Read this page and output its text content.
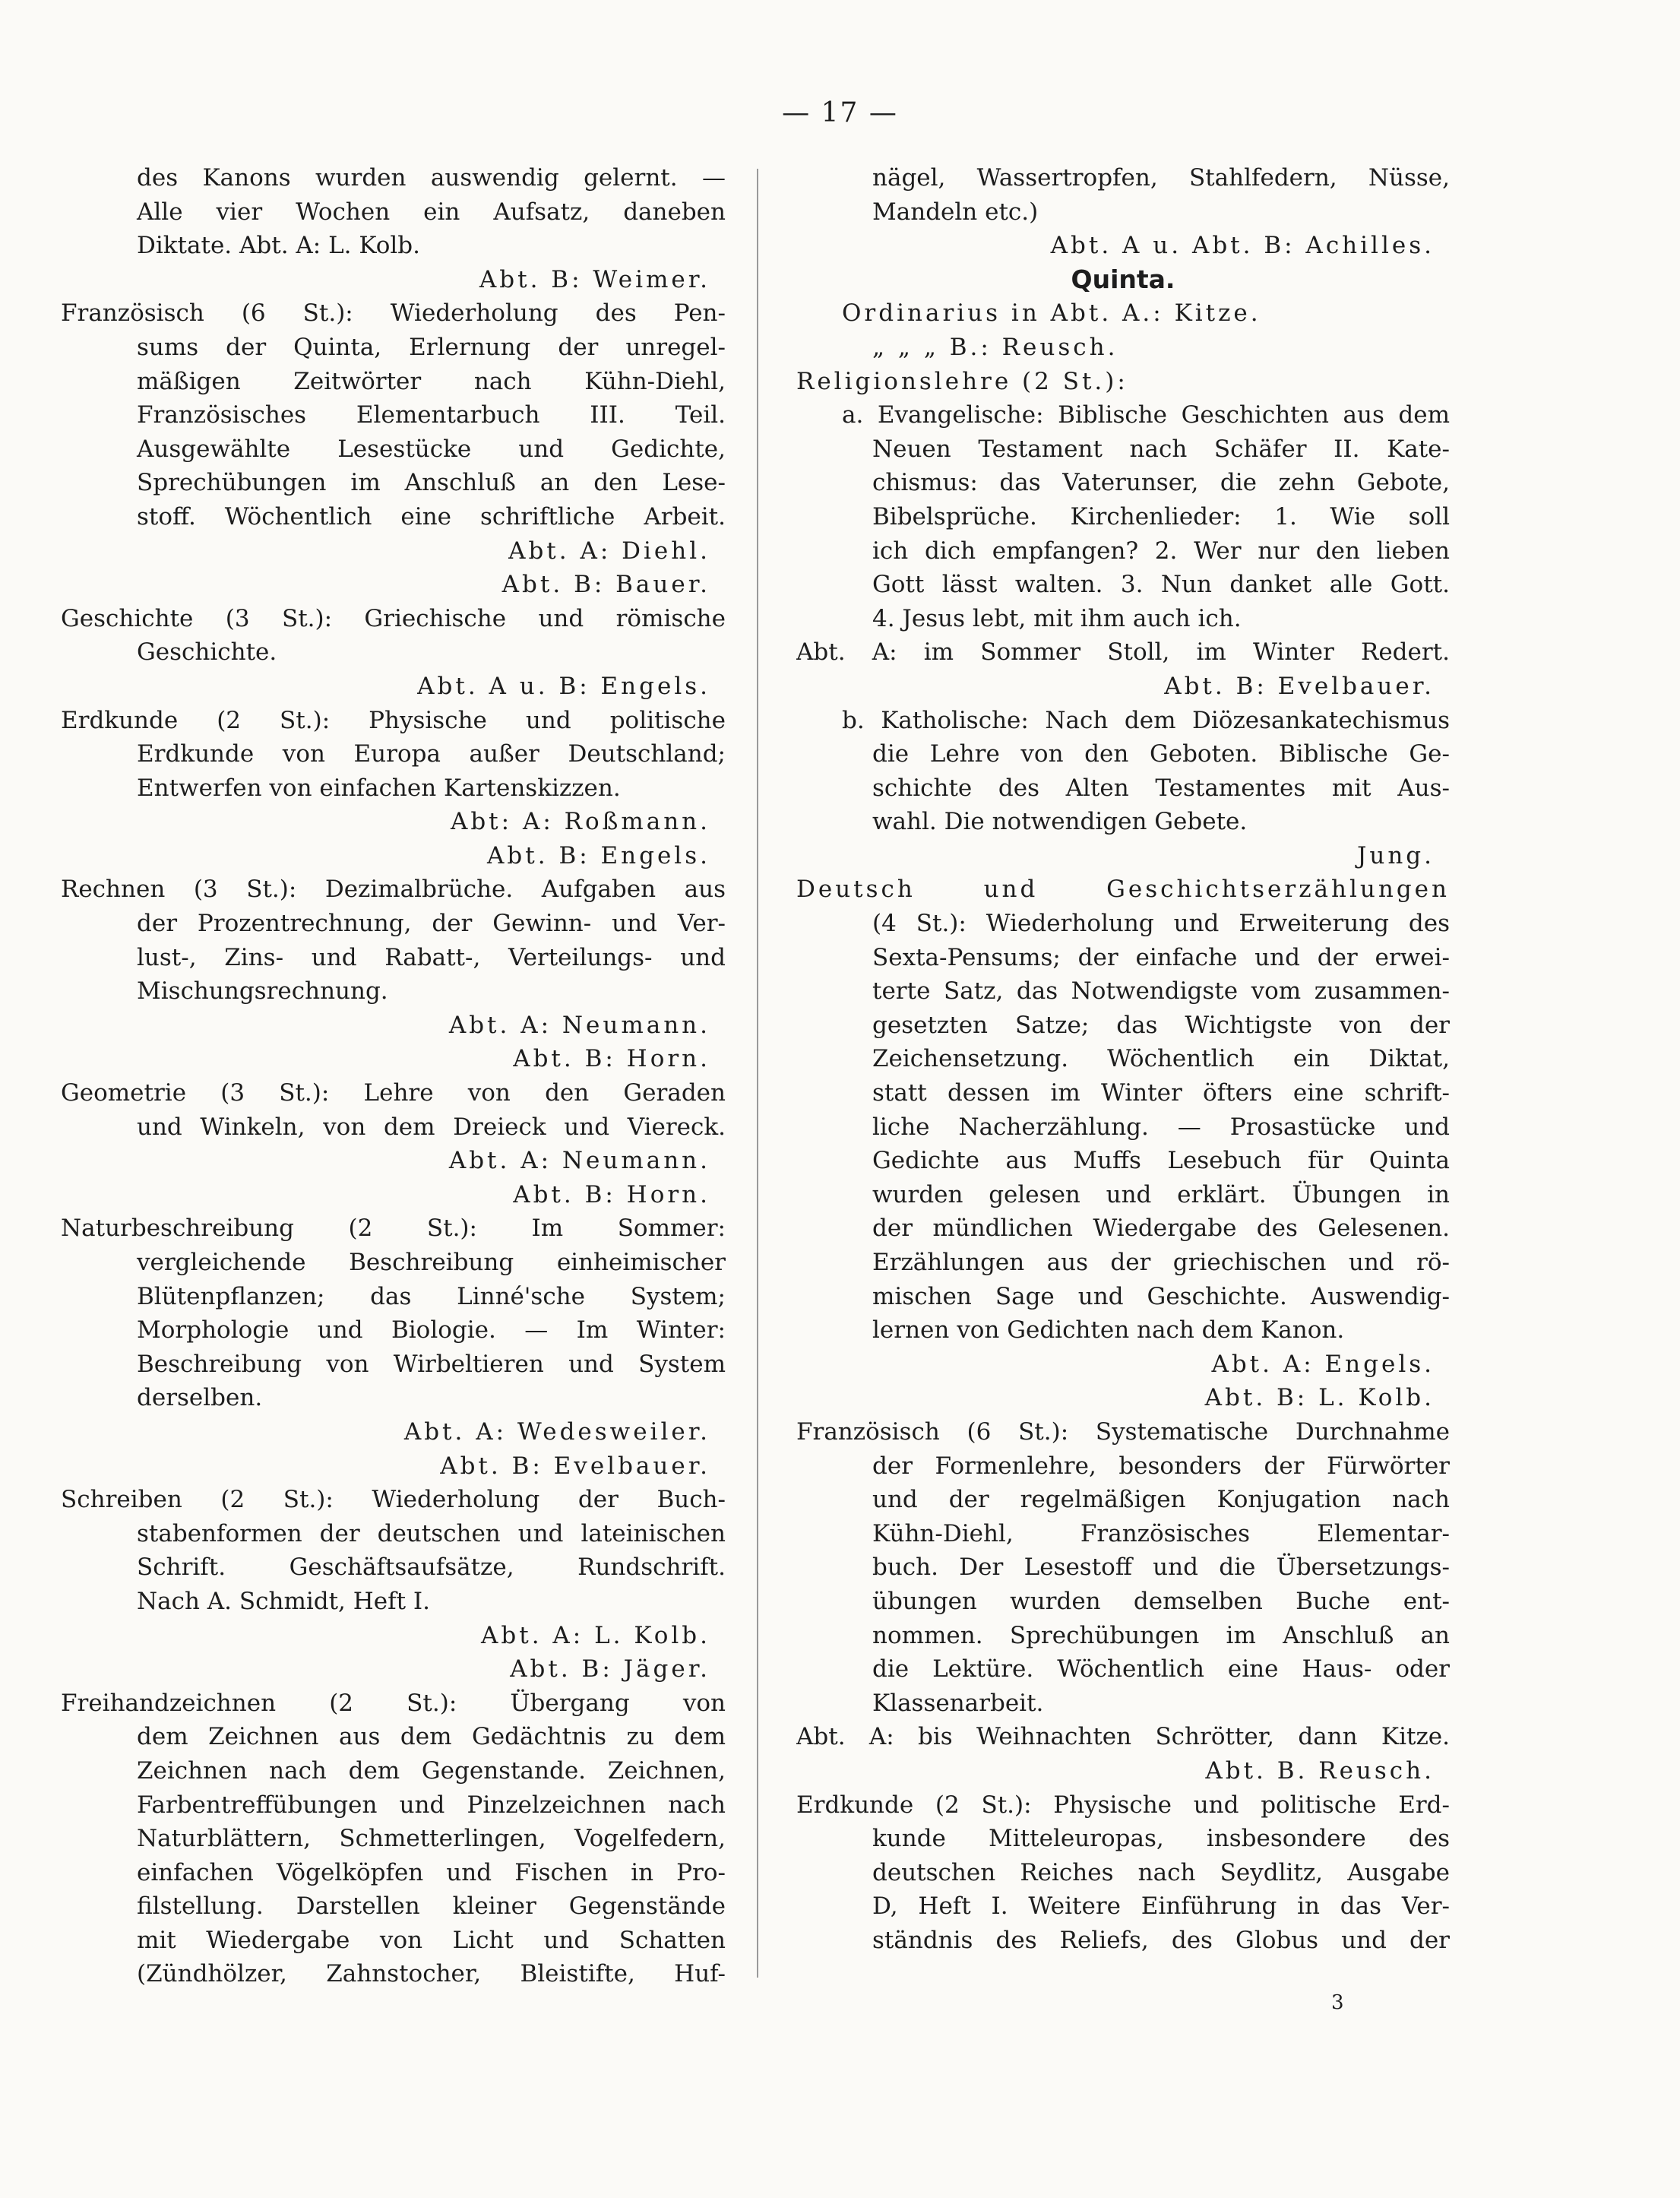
— 17 —
des Kanons wurden auswendig gelernt. —
Alle vier Wochen ein Aufsatz, daneben
Diktate. Abt. A: L. Kolb.
Abt. B: Weimer.
Französisch (6 St.): Wiederholung des Pen-
sums der Quinta, Erlernung der unregel-
mäßigen Zeitwörter nach Kühn-Diehl,
Französisches Elementarbuch III. Teil.
Ausgewählte Lesestücke und Gedichte,
Sprechübungen im Anschluß an den Lese-
stoff. Wöchentlich eine schriftliche Arbeit.
Abt. A: Diehl.
Abt. B: Bauer.
Geschichte (3 St.): Griechische und römische
Geschichte.
Abt. A u. B: Engels.
Erdkunde (2 St.): Physische und politische
Erdkunde von Europa außer Deutschland;
Entwerfen von einfachen Kartenskizzen.
Abt: A: Roßmann.
Abt. B: Engels.
Rechnen (3 St.): Dezimalbrüche. Aufgaben aus
der Prozentrechnung, der Gewinn- und Ver-
lust-, Zins- und Rabatt-, Verteilungs- und
Mischungsrechnung.
Abt. A: Neumann.
Abt. B: Horn.
Geometrie (3 St.): Lehre von den Geraden
und Winkeln, von dem Dreieck und Viereck.
Abt. A: Neumann.
Abt. B: Horn.
Naturbeschreibung (2 St.): Im Sommer:
vergleichende Beschreibung einheimischer
Blütenpflanzen; das Linné'sche System;
Morphologie und Biologie. — Im Winter:
Beschreibung von Wirbeltieren und System
derselben.
Abt. A: Wedesweiler.
Abt. B: Evelbauer.
Schreiben (2 St.): Wiederholung der Buch-
stabenformen der deutschen und lateinischen
Schrift. Geschäftsaufsätze, Rundschrift.
Nach A. Schmidt, Heft I.
Abt. A: L. Kolb.
Abt. B: Jäger.
Freihandzeichnen (2 St.): Übergang von
dem Zeichnen aus dem Gedächtnis zu dem
Zeichnen nach dem Gegenstande. Zeichnen,
Farbentreffübungen und Pinzelzeichnen nach
Naturblättern, Schmetterlingen, Vogelfedern,
einfachen Vögelköpfen und Fischen in Pro-
filstellung. Darstellen kleiner Gegenstände
mit Wiedergabe von Licht und Schatten
(Zündhölzer, Zahnstocher, Bleistifte, Huf-
nägel, Wassertropfen, Stahlfedern, Nüsse,
Mandeln etc.)
Abt. A u. Abt. B: Achilles.
Quinta.
Ordinarius in Abt. A.: Kitze.
„ „ „ B.: Reusch.
Religionslehre (2 St.):
a. Evangelische: Biblische Geschichten aus dem
Neuen Testament nach Schäfer II. Kate-
chismus: das Vaterunser, die zehn Gebote,
Bibelsprüche. Kirchenlieder: 1. Wie soll
ich dich empfangen? 2. Wer nur den lieben
Gott lässt walten. 3. Nun danket alle Gott.
4. Jesus lebt, mit ihm auch ich.
Abt. A: im Sommer Stoll, im Winter Redert.
Abt. B: Evelbauer.
b. Katholische: Nach dem Diözesankatechismus
die Lehre von den Geboten. Biblische Ge-
schichte des Alten Testamentes mit Aus-
wahl. Die notwendigen Gebete.
Jung.
Deutsch und Geschichtserzählungen
(4 St.): Wiederholung und Erweiterung des
Sexta-Pensums; der einfache und der erwei-
terte Satz, das Notwendigste vom zusammen-
gesetzten Satze; das Wichtigste von der
Zeichensetzung. Wöchentlich ein Diktat,
statt dessen im Winter öfters eine schrift-
liche Nacherzählung. — Prosastücke und
Gedichte aus Muffs Lesebuch für Quinta
wurden gelesen und erklärt. Übungen in
der mündlichen Wiedergabe des Gelesenen.
Erzählungen aus der griechischen und rö-
mischen Sage und Geschichte. Auswendig-
lernen von Gedichten nach dem Kanon.
Abt. A: Engels.
Abt. B: L. Kolb.
Französisch (6 St.): Systematische Durchnahme
der Formenlehre, besonders der Fürwörter
und der regelmäßigen Konjugation nach
Kühn-Diehl, Französisches Elementar-
buch. Der Lesestoff und die Übersetzungs-
übungen wurden demselben Buche ent-
nommen. Sprechübungen im Anschluß an
die Lektüre. Wöchentlich eine Haus- oder
Klassenarbeit.
Abt. A: bis Weihnachten Schrötter, dann Kitze.
Abt. B. Reusch.
Erdkunde (2 St.): Physische und politische Erd-
kunde Mitteleuropas, insbesondere des
deutschen Reiches nach Seydlitz, Ausgabe
D, Heft I. Weitere Einführung in das Ver-
ständnis des Reliefs, des Globus und der
3
